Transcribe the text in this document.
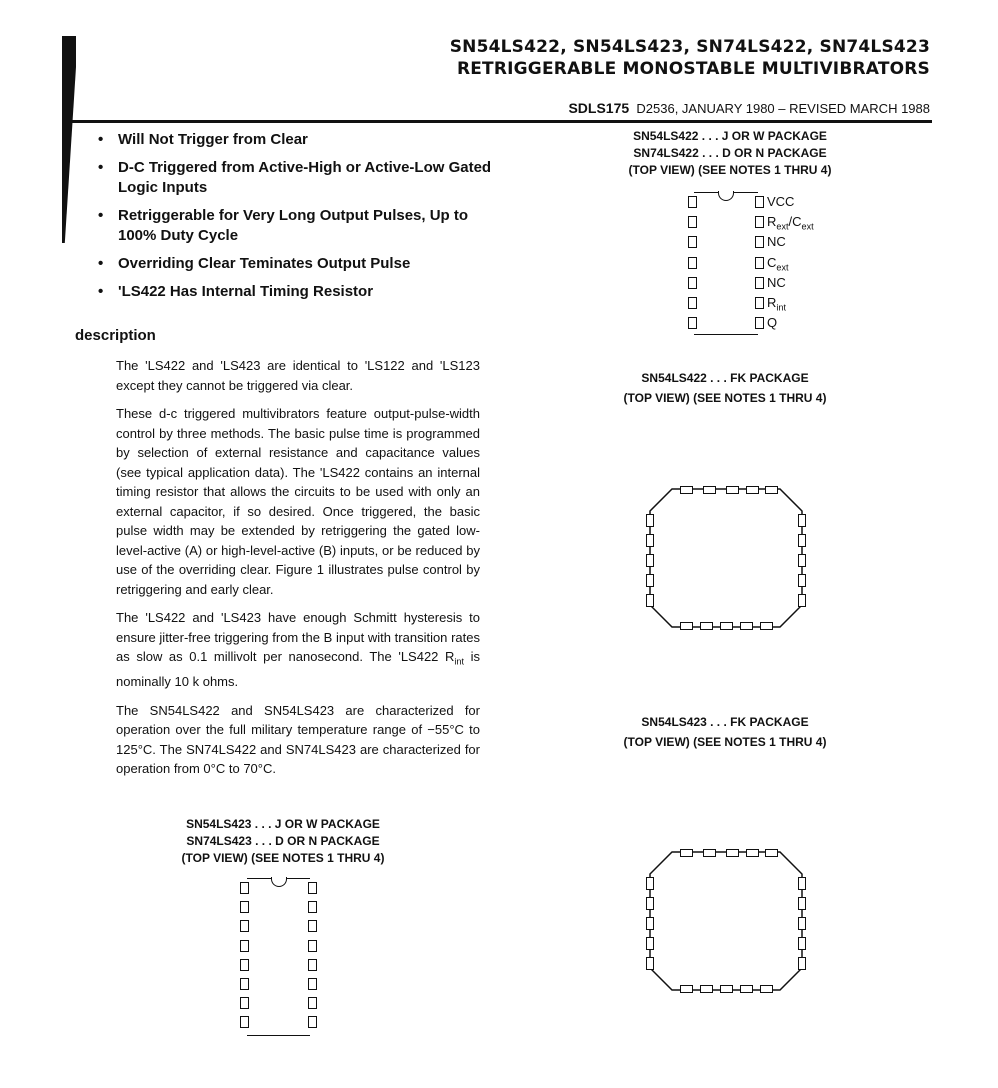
SN54LS422, SN54LS423, SN74LS422, SN74LS423
RETRIGGERABLE MONOSTABLE MULTIVIBRATORS
SDLS175 D2536, JANUARY 1980 – REVISED MARCH 1988
• Will Not Trigger from Clear
• D-C Triggered from Active-High or Active-Low Gated Logic Inputs
• Retriggerable for Very Long Output Pulses, Up to 100% Duty Cycle
• Overriding Clear Teminates Output Pulse
• 'LS422 Has Internal Timing Resistor
description

The 'LS422 and 'LS423 are identical to 'LS122 and 'LS123 except they cannot be triggered via clear.

These d-c triggered multivibrators feature output-pulse-width control by three methods. The basic pulse time is programmed by selection of external resistance and capacitance values (see typical application data). The 'LS422 contains an internal timing resistor that allows the circuits to be used with only an external capacitor, if so desired. Once triggered, the basic pulse width may be extended by retriggering the gated low-level-active (A) or high-level-active (B) inputs, or be reduced by use of the overriding clear. Figure 1 illustrates pulse control by retriggering and early clear.

The 'LS422 and 'LS423 have enough Schmitt hysteresis to ensure jitter-free triggering from the B input with transition rates as slow as 0.1 millivolt per nanosecond. The 'LS422 $R_{int}$ is nominally 10 k ohms.

The SN54LS422 and SN54LS423 are characterized for operation over the full military temperature range of −55°C to 125°C. The SN74LS422 and SN74LS423 are characterized for operation from 0°C to 70°C.

SN54LS422 . . . J OR W PACKAGE
SN74LS422 . . . D OR N PACKAGE
(TOP VIEW) (SEE NOTES 1 THRU 4)
VCC
$R_{ext}/C_{ext}$
NC
$C_{ext}$
NC
$R_{int}$
Q
SN54LS422 . . . FK PACKAGE
(TOP VIEW) (SEE NOTES 1 THRU 4)
SN54LS423 . . . FK PACKAGE
(TOP VIEW) (SEE NOTES 1 THRU 4)
SN54LS423 . . . J OR W PACKAGE
SN74LS423 . . . D OR N PACKAGE
(TOP VIEW) (SEE NOTES 1 THRU 4)
